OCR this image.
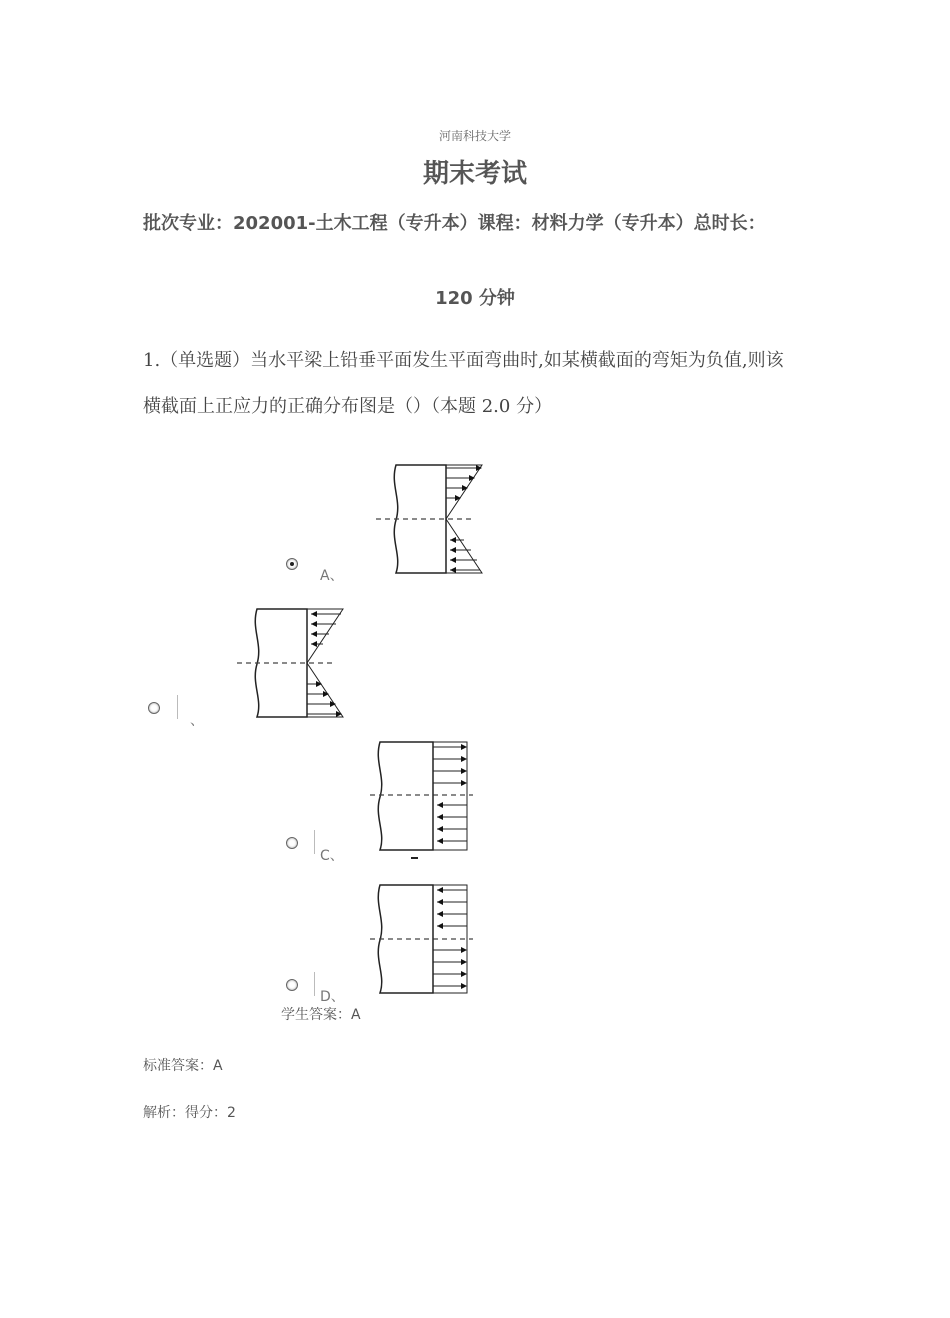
河南科技大学
期末考试
批次专业：202001-土木工程（专升本）课程：材料力学（专升本）总时长：
120 分钟
1.（单选题）当水平梁上铅垂平面发生平面弯曲时,如某横截面的弯矩为负值,则该横截面上正应力的正确分布图是（）（本题 2.0 分）
A、
、
C、
D、
学生答案：A
标准答案：A
解析：得分：2
